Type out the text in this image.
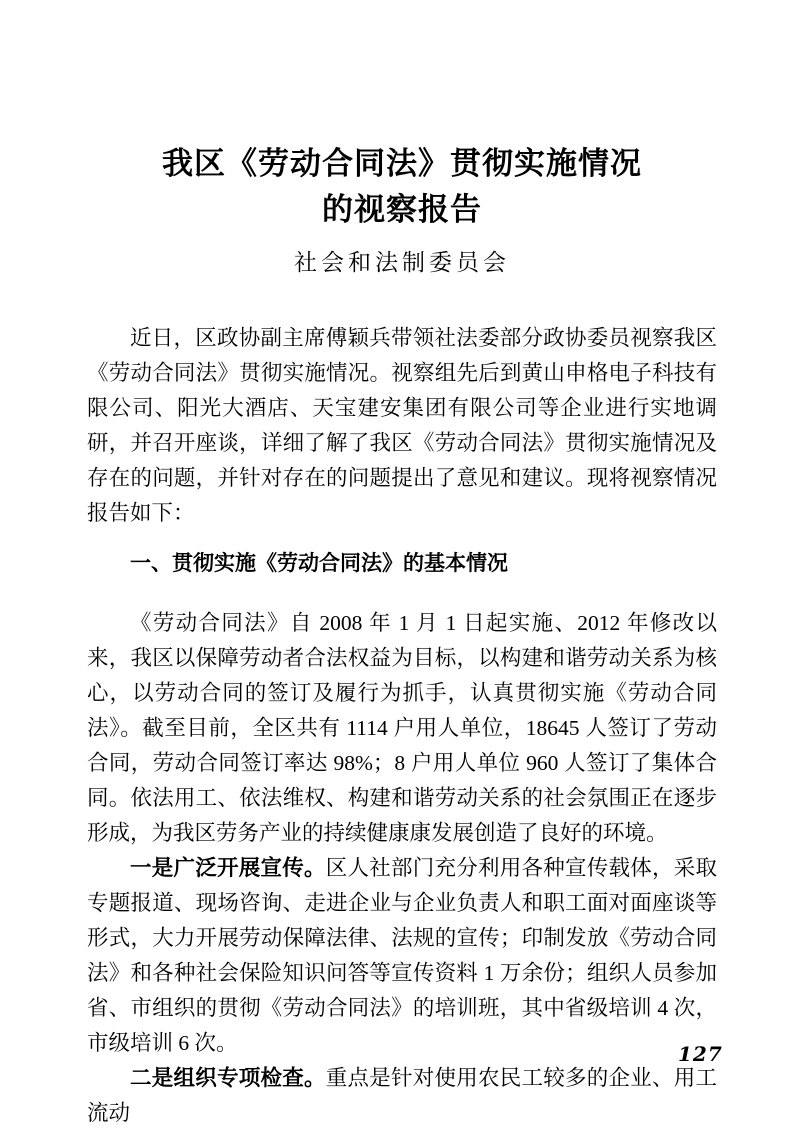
我区《劳动合同法》贯彻实施情况
的视察报告
社会和法制委员会

近日，区政协副主席傅颖兵带领社法委部分政协委员视察我区《劳动合同法》贯彻实施情况。视察组先后到黄山申格电子科技有限公司、阳光大酒店、天宝建安集团有限公司等企业进行实地调研，并召开座谈，详细了解了我区《劳动合同法》贯彻实施情况及存在的问题，并针对存在的问题提出了意见和建议。现将视察情况报告如下：

一、贯彻实施《劳动合同法》的基本情况

《劳动合同法》自 2008 年 1 月 1 日起实施、2012 年修改以来，我区以保障劳动者合法权益为目标，以构建和谐劳动关系为核心，以劳动合同的签订及履行为抓手，认真贯彻实施《劳动合同法》。截至目前，全区共有 1114 户用人单位，18645 人签订了劳动合同，劳动合同签订率达 98%；8 户用人单位 960 人签订了集体合同。依法用工、依法维权、构建和谐劳动关系的社会氛围正在逐步形成，为我区劳务产业的持续健康康发展创造了良好的环境。

一是广泛开展宣传。区人社部门充分利用各种宣传载体，采取专题报道、现场咨询、走进企业与企业负责人和职工面对面座谈等形式，大力开展劳动保障法律、法规的宣传；印制发放《劳动合同法》和各种社会保险知识问答等宣传资料 1 万余份；组织人员参加省、市组织的贯彻《劳动合同法》的培训班，其中省级培训 4 次，市级培训 6 次。

二是组织专项检查。重点是针对使用农民工较多的企业、用工流动

127
